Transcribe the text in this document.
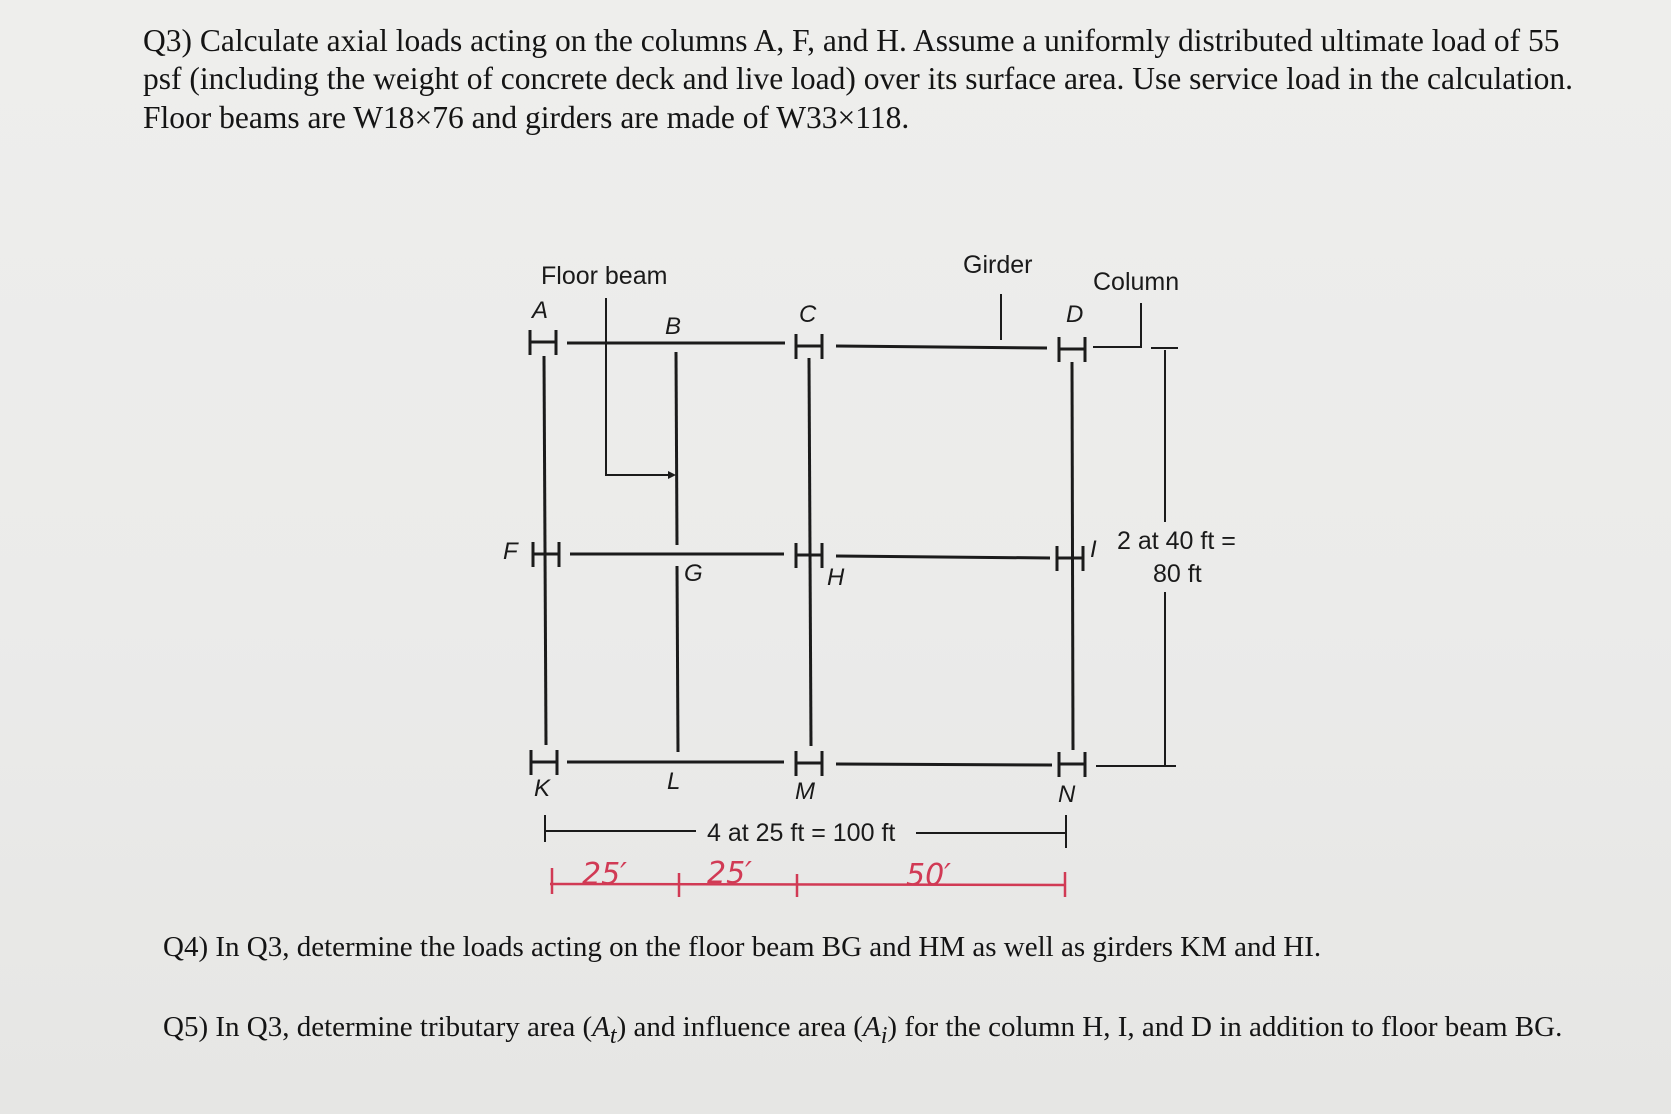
Q3) Calculate axial loads acting on the columns A, F, and H. Assume a uniformly distributed ultimate load of 55 psf (including the weight of concrete deck and live load) over its surface area. Use service load in the calculation. Floor beams are W18×76 and girders are made of W33×118.

Floor beam	Girder
Column
A
B	C	D
F
G	H
I
K	L	M	N
2 at 40 ft =
80 ft
4 at 25 ft = 100 ft
25′	25′	50′

Q4) In Q3, determine the loads acting on the floor beam BG and HM as well as girders KM and HI.

Q5) In Q3, determine tributary area $(A_t)$ and influence area $(A_i)$ for the column H, I, and D in addition to floor beam BG.
